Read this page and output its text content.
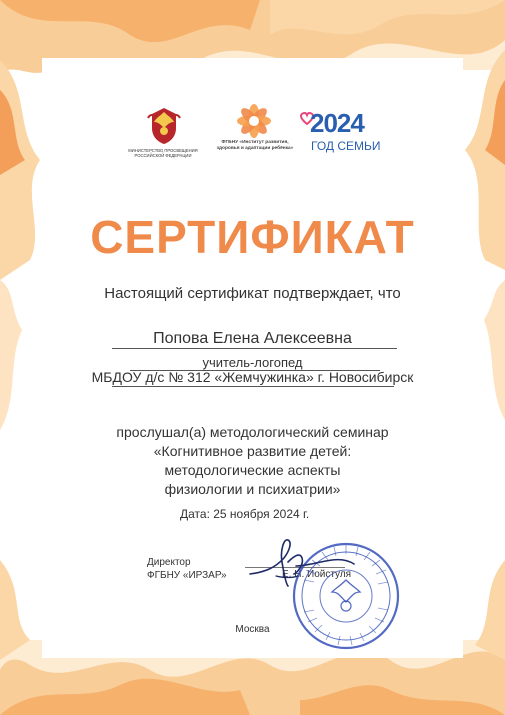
МИНИСТЕРСТВО ПРОСВЕЩЕНИЯ РОССИЙСКОЙ ФЕДЕРАЦИИ
ФГБНУ «Институт развития, здоровья и адаптации ребёнка»
2024
ГОД СЕМЬИ
СЕРТИФИКАТ
Настоящий сертификат подтверждает, что
Попова Елена Алексеевна
учитель-логопед
МБДОУ д/с № 312 «Жемчужинка» г. Новосибирск
прослушал(а) методологический семинар
«Когнитивное развитие детей:
методологические аспекты
физиологии и психиатрии»
Дата: 25 ноября 2024 г.
Директор
ФГБНУ «ИРЗАР»	Е. Н. Иойстуля
Москва
